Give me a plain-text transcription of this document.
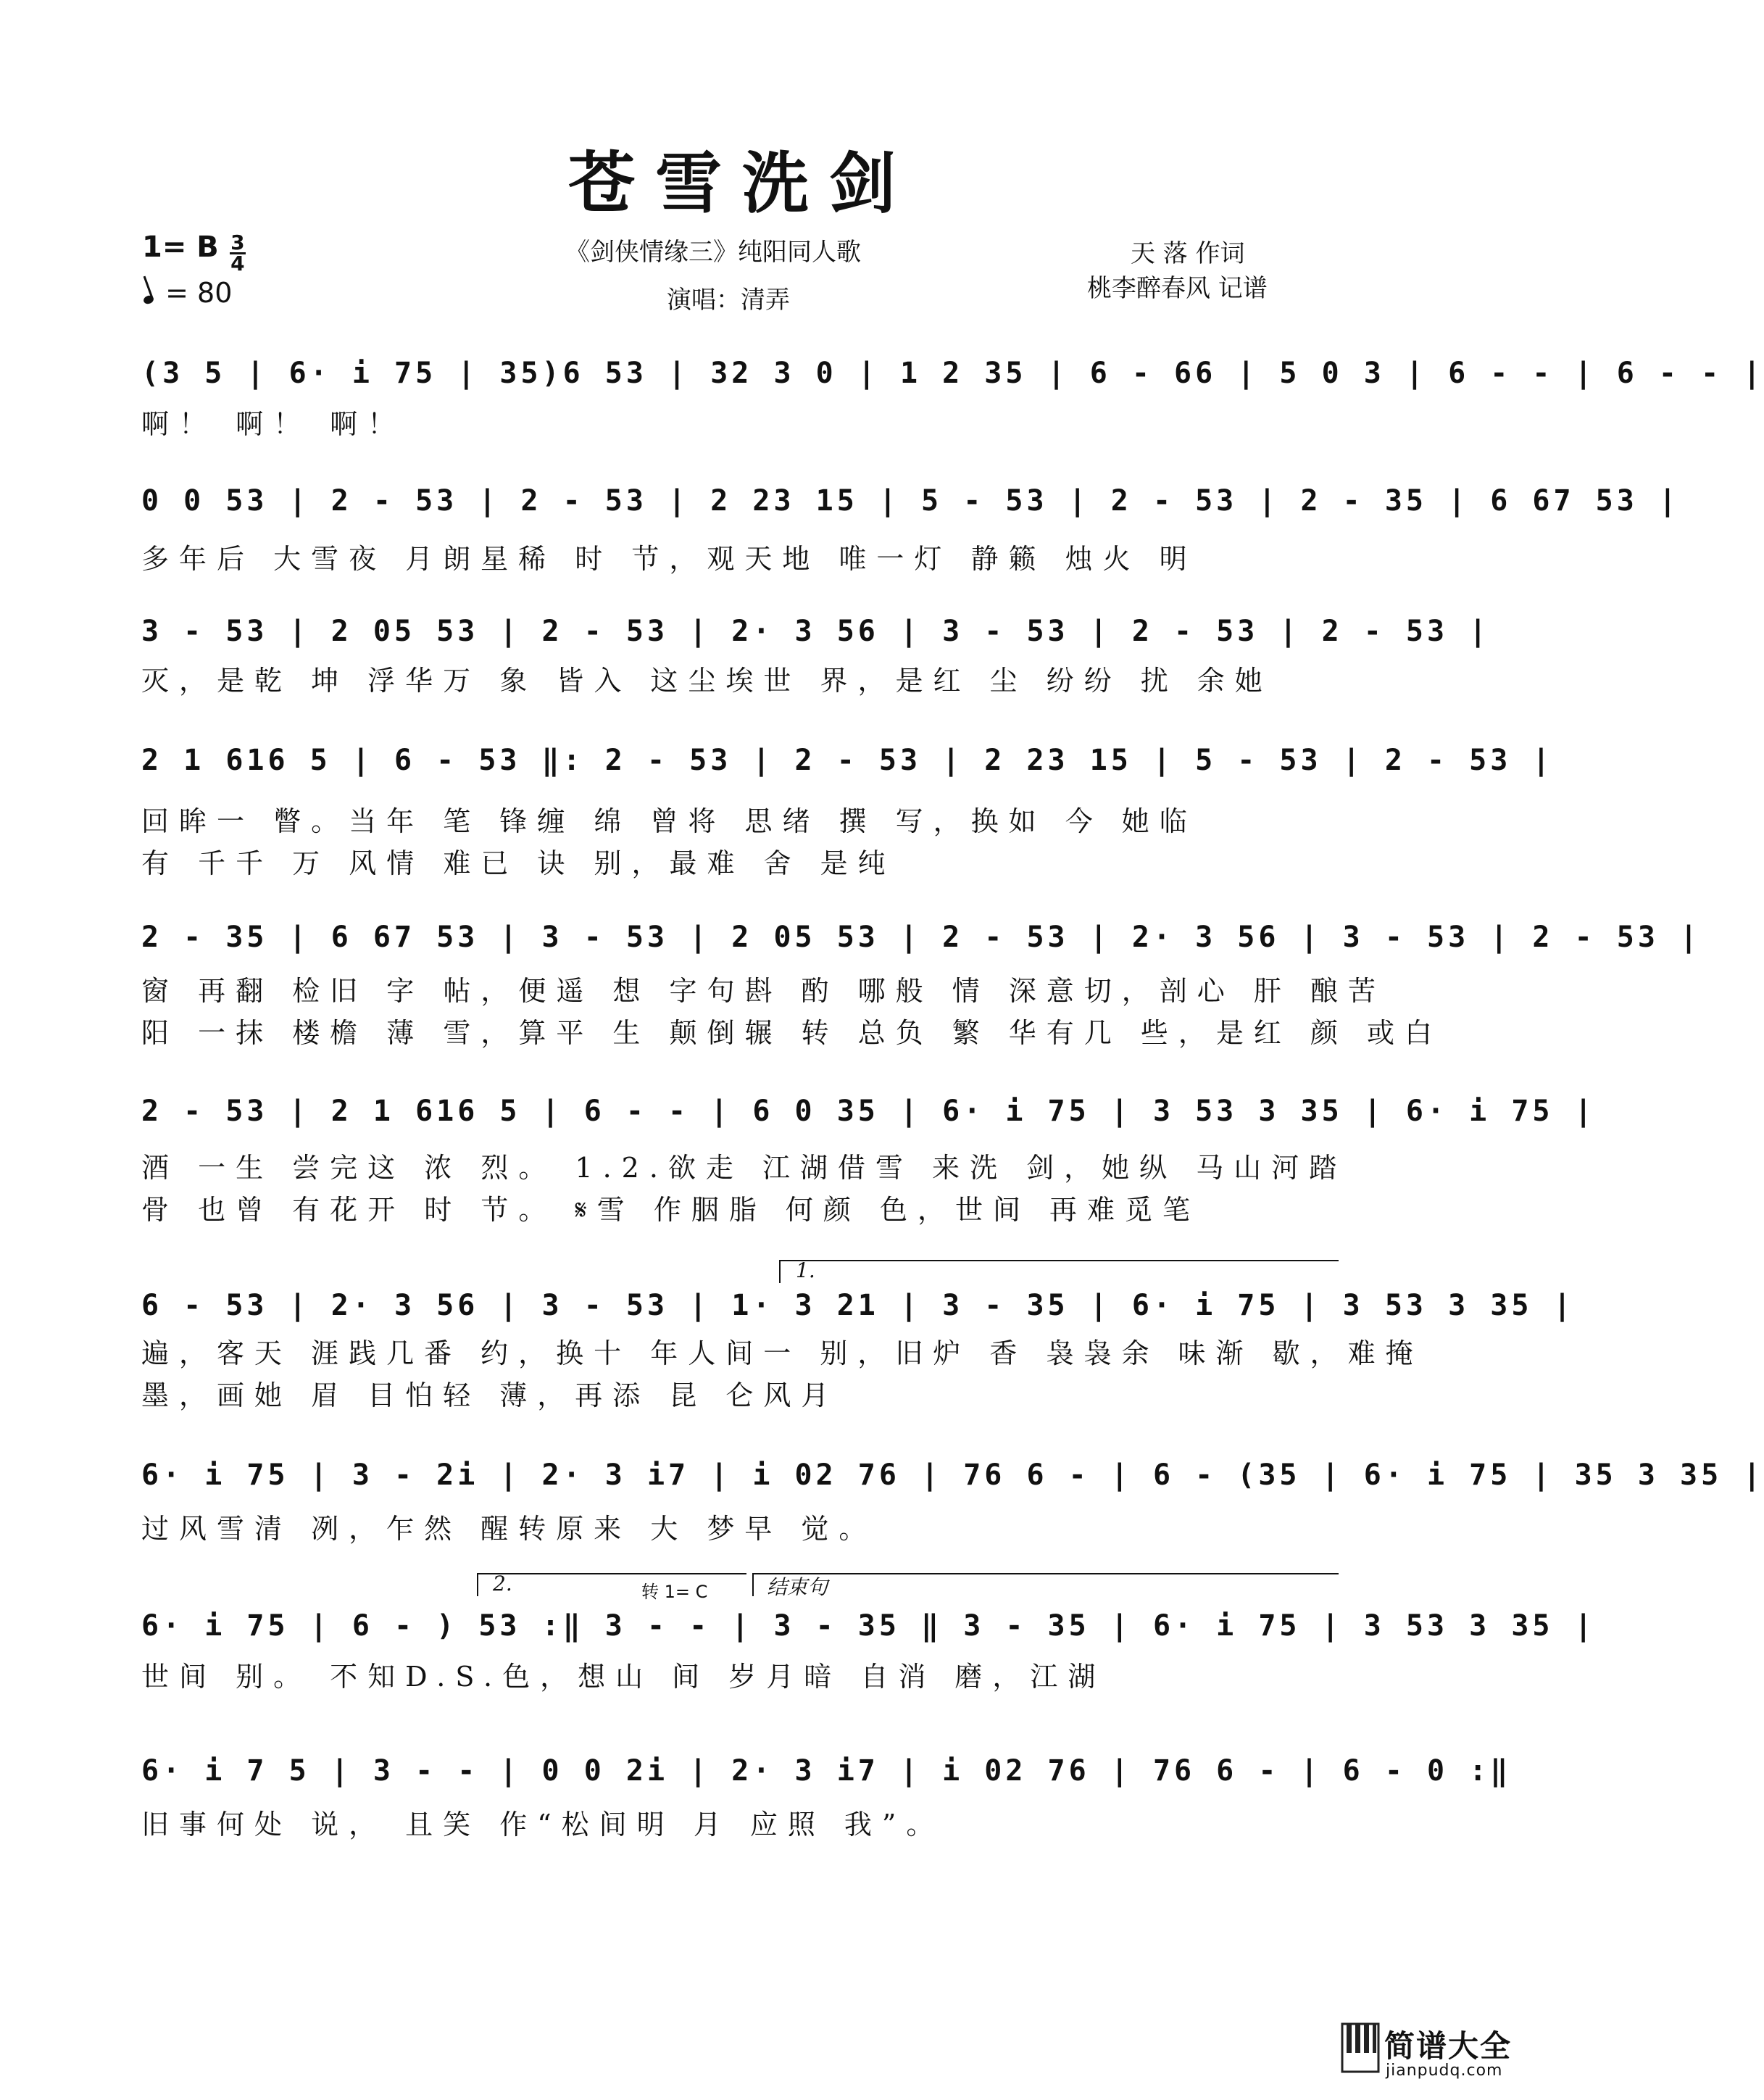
苍雪洗剑
1= B $\frac{3}{4}$
= 80
《剑侠情缘三》纯阳同人歌
演唱：清弄
天 落 作词
桃李醉春风 记谱
(3 5 | 6· i 75 | 35)6 53 | 32 3 0 | 1 2 35 | 6 - 66 | 5 0 3 | 6 - - | 6 - - |
啊！ 啊！ 啊！
0 0 53 | 2 - 53 | 2 - 53 | 2 23 15 | 5 - 53 | 2 - 53 | 2 - 35 | 6 67 53 |
多年后 大雪夜 月朗星稀 时 节，观天地 唯一灯 静籁 烛火 明
3 - 53 | 2 05 53 | 2 - 53 | 2· 3 56 | 3 - 53 | 2 - 53 | 2 - 53 |
灭，是乾 坤 浮华万 象 皆入 这尘埃世 界，是红 尘 纷纷 扰 余她
2 1 616 5 | 6 - 53 ‖: 2 - 53 | 2 - 53 | 2 23 15 | 5 - 53 | 2 - 53 |
回眸一 瞥。当年 笔 锋缠 绵 曾将 思绪 撰 写，换如 今 她临
有 千千 万 风情 难已 诀 别，最难 舍 是纯
2 - 35 | 6 67 53 | 3 - 53 | 2 05 53 | 2 - 53 | 2· 3 56 | 3 - 53 | 2 - 53 |
窗 再翻 检旧 字 帖，便遥 想 字句斟 酌 哪般 情 深意切，剖心 肝 酿苦
阳 一抹 楼檐 薄 雪，算平 生 颠倒辗 转 总负 繁 华有几 些，是红 颜 或白
2 - 53 | 2 1 616 5 | 6 - - | 6 0 35 | 6· i 75 | 3 53 3 35 | 6· i 75 |
酒 一生 尝完这 浓 烈。 1.2.欲走 江湖借雪 来洗 剑，她纵 马山河踏
骨 也曾 有花开 时 节。 𝄋雪 作胭脂 何颜 色，世间 再难觅笔
1.
6 - 53 | 2· 3 56 | 3 - 53 | 1· 3 21 | 3 - 35 | 6· i 75 | 3 53 3 35 |
遍，客天 涯践几番 约，换十 年人间一 别，旧炉 香 袅袅余 味渐 歇，难掩
墨，画她 眉 目怕轻 薄，再添 昆 仑风月
6· i 75 | 3 - 2i | 2· 3 i7 | i 02 76 | 76 6 - | 6 - (35 | 6· i 75 | 35 3 35 |
过风雪清 冽，乍然 醒转原来 大 梦早 觉。
2.	转 1= C	结束句
6· i 75 | 6 - ) 53 :‖ 3 - - | 3 - 35 ‖ 3 - 35 | 6· i 75 | 3 53 3 35 |
世间 别。 不知D.S.色，想山 间 岁月暗 自消 磨，江湖
6· i 7 5 | 3 - - | 0 0 2i | 2· 3 i7 | i 02 76 | 76 6 - | 6 - 0 :‖
旧事何处 说， 且笑 作“松间明 月 应照 我”。
简谱大全
jianpudq.com
